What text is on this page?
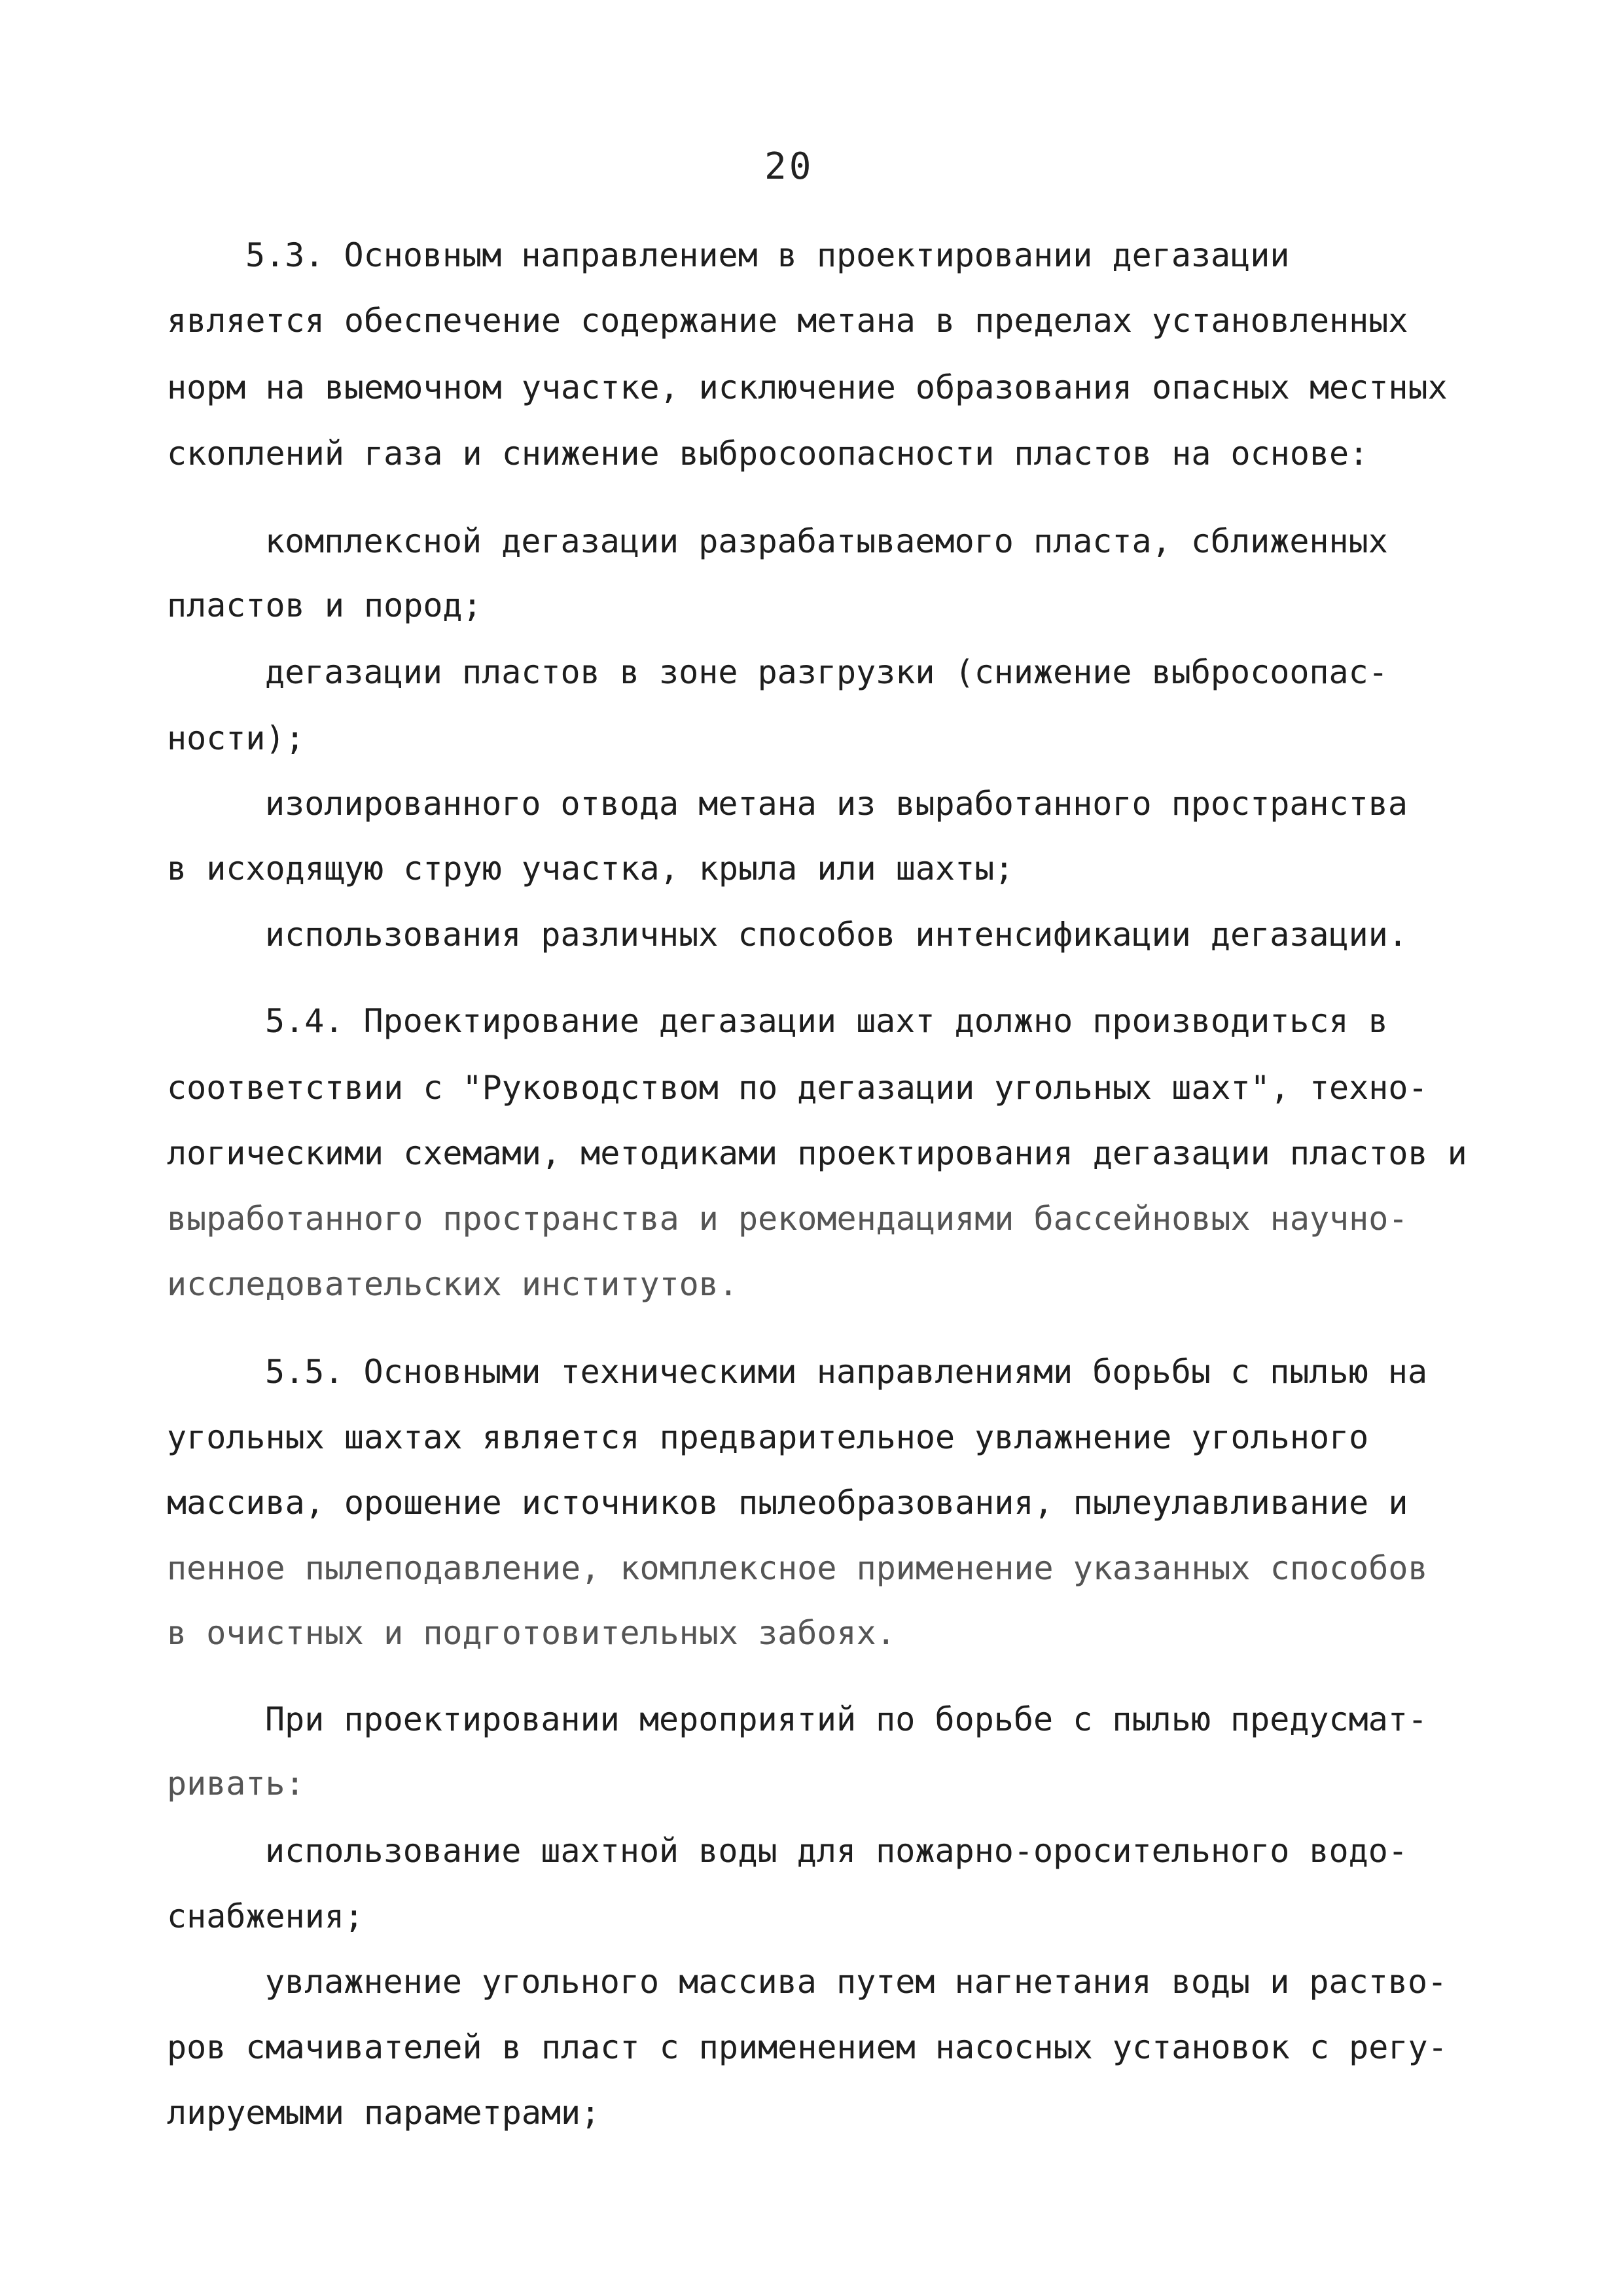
20
5.3. Основным направлением в проектировании дегазации
является обеспечение содержание метана в пределах установленных
норм на выемочном участке, исключение образования опасных местных
скоплений газа и снижение выбросоопасности пластов на основе:
комплексной дегазации разрабатываемого пласта, сближенных
пластов и пород;
дегазации пластов в зоне разгрузки (снижение выбросоопас-
ности);
изолированного отвода метана из выработанного пространства
в исходящую струю участка, крыла или шахты;
использования различных способов интенсификации дегазации.
5.4. Проектирование дегазации шахт должно производиться в
соответствии с "Руководством по дегазации угольных шахт", техно-
логическими схемами, методиками проектирования дегазации пластов и
выработанного пространства и рекомендациями бассейновых научно-
исследовательских институтов.
5.5. Основными техническими направлениями борьбы с пылью на
угольных шахтах является предварительное увлажнение угольного
массива, орошение источников пылеобразования, пылеулавливание и
пенное пылеподавление, комплексное применение указанных способов
в очистных и подготовительных забоях.
При проектировании мероприятий по борьбе с пылью предусмат-
ривать:
использование шахтной воды для пожарно-оросительного водо-
снабжения;
увлажнение угольного массива путем нагнетания воды и раство-
ров смачивателей в пласт с применением насосных установок с регу-
лируемыми параметрами;
